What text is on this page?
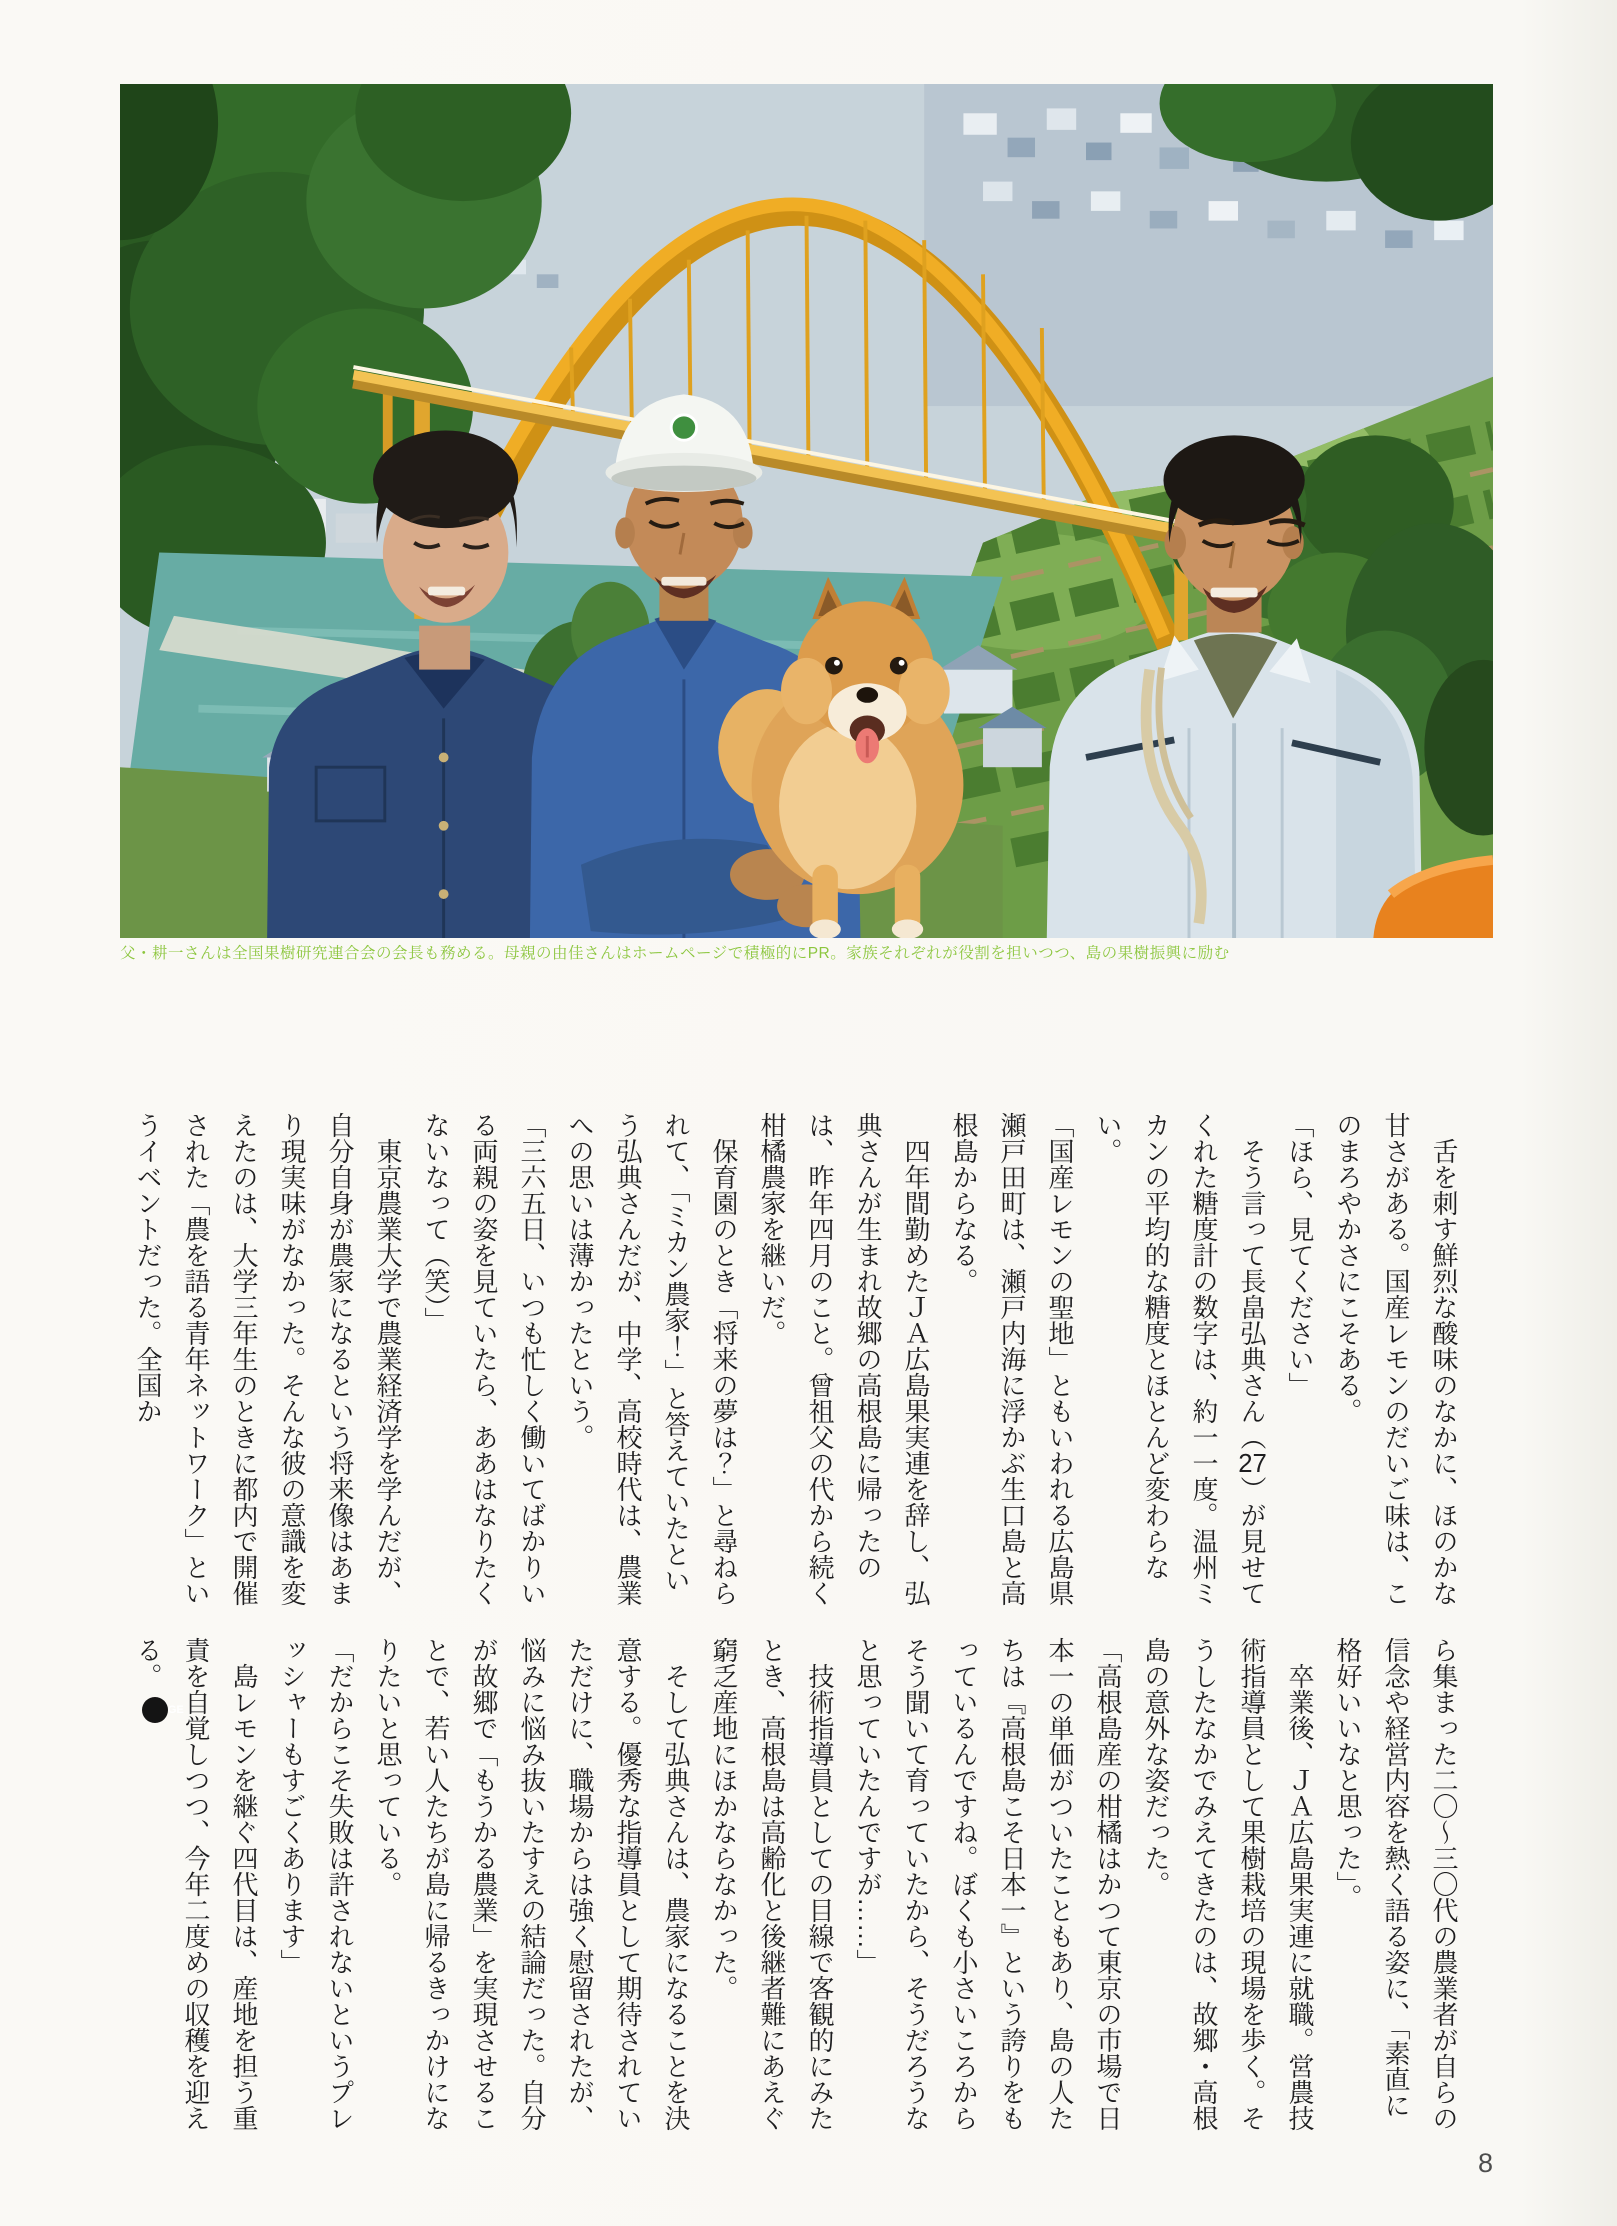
父・耕一さんは全国果樹研究連合会の会長も務める。母親の由佳さんはホームページで積極的にPR。家族それぞれが役割を担いつつ、島の果樹振興に励む

舌を刺す鮮烈な酸味のなかに、ほのかな甘さがある。国産レモンのだいご味は、このまろやかさにこそある。

「ほら、見てください」

そう言って長畠弘典さん（27）が見せてくれた糖度計の数字は、約一一度。温州ミカンの平均的な糖度とほとんど変わらない。

「国産レモンの聖地」ともいわれる広島県瀬戸田町は、瀬戸内海に浮かぶ生口島と高根島からなる。

四年間勤めたＪＡ広島果実連を辞し、弘典さんが生まれ故郷の高根島に帰ったのは、昨年四月のこと。曾祖父の代から続く柑橘農家を継いだ。

保育園のとき「将来の夢は？」と尋ねられて、「ミカン農家！」と答えていたという弘典さんだが、中学、高校時代は、農業への思いは薄かったという。

「三六五日、いつも忙しく働いてばかりいる両親の姿を見ていたら、ああはなりたくないなって（笑）」

東京農業大学で農業経済学を学んだが、自分自身が農家になるという将来像はあまり現実味がなかった。そんな彼の意識を変えたのは、大学三年生のときに都内で開催された「農を語る青年ネットワーク」というイベントだった。全国か

ら集まった二〇〜三〇代の農業者が自らの信念や経営内容を熱く語る姿に、「素直に格好いいなと思った」。

卒業後、ＪＡ広島果実連に就職。営農技術指導員として果樹栽培の現場を歩く。そうしたなかでみえてきたのは、故郷・高根島の意外な姿だった。

「高根島産の柑橘はかつて東京の市場で日本一の単価がついたこともあり、島の人たちは『高根島こそ日本一』という誇りをもっているんですね。ぼくも小さいころからそう聞いて育っていたから、そうだろうなと思っていたんですが……」

技術指導員としての目線で客観的にみたとき、高根島は高齢化と後継者難にあえぐ窮乏産地にほかならなかった。

そして弘典さんは、農家になることを決意する。優秀な指導員として期待されていただけに、職場からは強く慰留されたが、悩みに悩み抜いたすえの結論だった。自分が故郷で「もうかる農業」を実現させることで、若い人たちが島に帰るきっかけになりたいと思っている。

「だからこそ失敗は許されないというプレッシャーもすごくあります」

島レモンを継ぐ四代目は、産地を担う重責を自覚しつつ、今年二度めの収穫を迎える。GE

8
